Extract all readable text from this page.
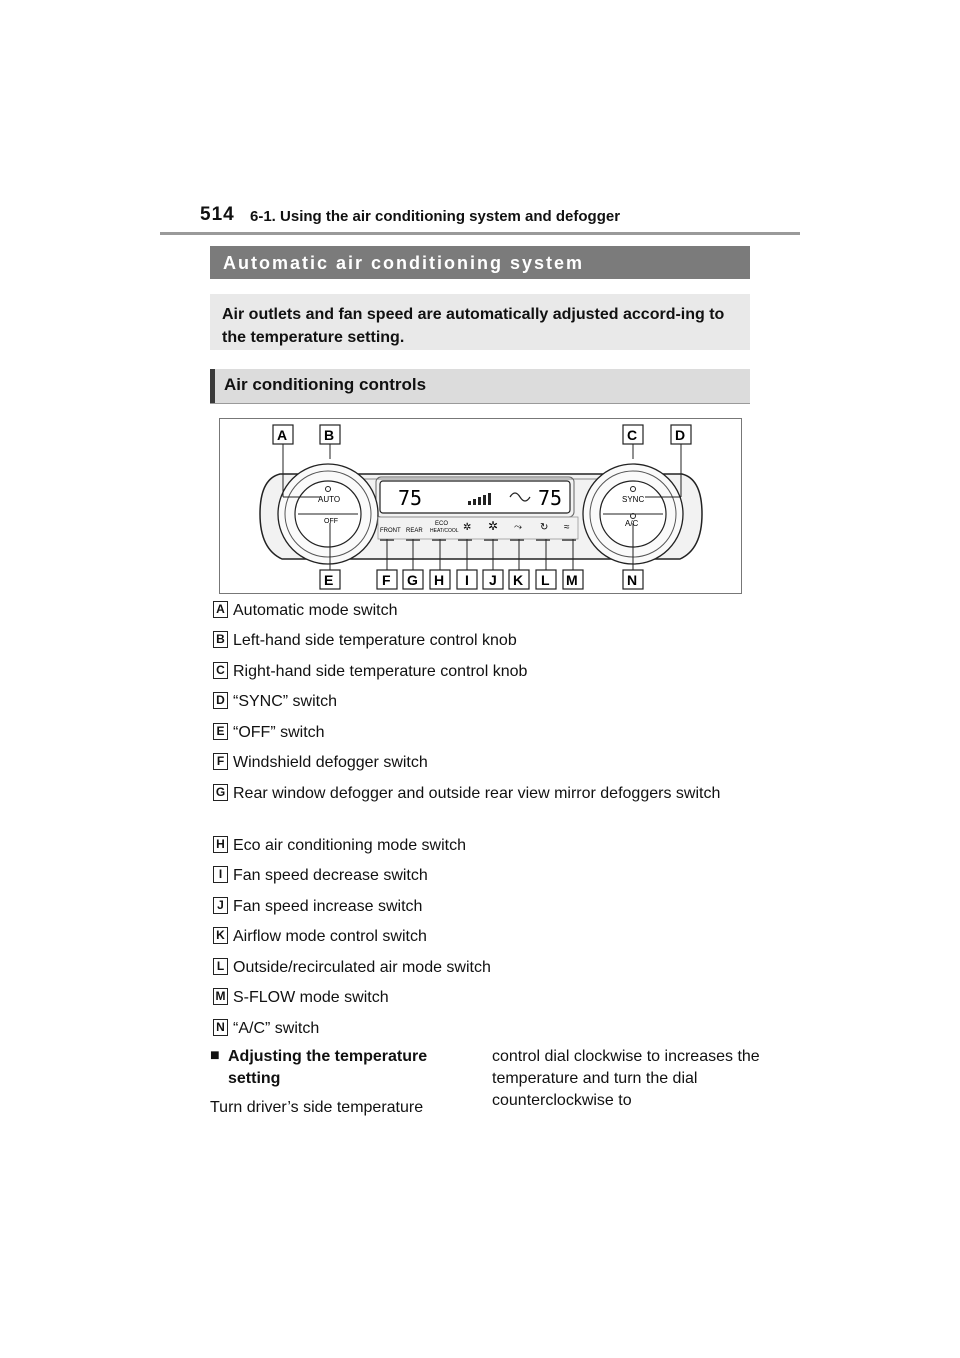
514 6-1. Using the air conditioning system and defogger
Automatic air conditioning system
Air outlets and fan speed are automatically adjusted accord-ing to the temperature setting.
Air conditioning controls
75	75
AUTO
OFF
SYNC
A/C
FRONT REAR
ECO
HEAT/COOL ✲ ✲ ⤳ ↻ ≈
A	B	C	D
E	F G H I J K L M	N
A Automatic mode switch
B Left-hand side temperature control knob
C Right-hand side temperature control knob
D “SYNC” switch
E “OFF” switch
F Windshield defogger switch
G Rear window defogger and outside rear view mirror defoggers switch
H Eco air conditioning mode switch
I Fan speed decrease switch
J Fan speed increase switch
K Airflow mode control switch
L Outside/recirculated air mode switch
M S-FLOW mode switch
N “A/C” switch
■ Adjusting the temperature setting
Turn driver’s side temperature
control dial clockwise to increases the temperature and turn the dial counterclockwise to
